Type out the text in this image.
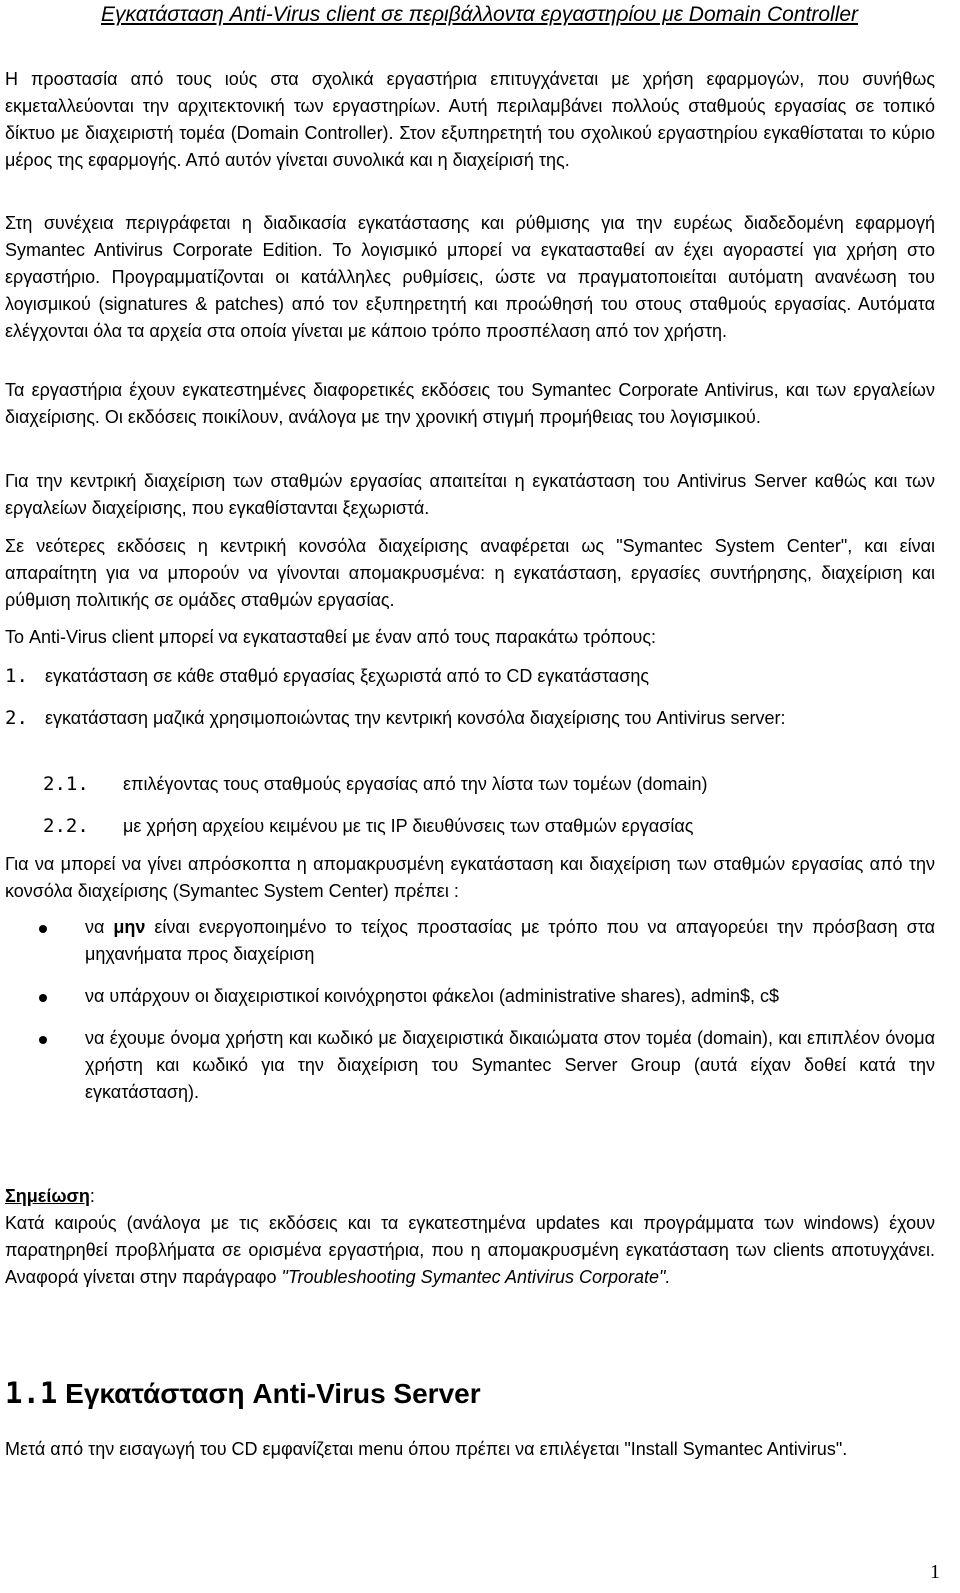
Εγκατάσταση Anti-Virus client σε περιβάλλοντα εργαστηρίου με Domain Controller

Η προστασία από τους ιούς στα σχολικά εργαστήρια επιτυγχάνεται με χρήση εφαρμογών, που συνήθως εκμεταλλεύονται την αρχιτεκτονική των εργαστηρίων. Αυτή περιλαμβάνει πολλούς σταθμούς εργασίας σε τοπικό δίκτυο με διαχειριστή τομέα (Domain Controller). Στον εξυπηρετητή του σχολικού εργαστηρίου εγκαθίσταται το κύριο μέρος της εφαρμογής. Από αυτόν γίνεται συνολικά και η διαχείρισή της.

Στη συνέχεια περιγράφεται η διαδικασία εγκατάστασης και ρύθμισης για την ευρέως διαδεδομένη εφαρμογή Symantec Antivirus Corporate Edition. Το λογισμικό μπορεί να εγκατασταθεί αν έχει αγοραστεί για χρήση στο εργαστήριο. Προγραμματίζονται οι κατάλληλες ρυθμίσεις, ώστε να πραγματοποιείται αυτόματη ανανέωση του λογισμικού (signatures & patches) από τον εξυπηρετητή και προώθησή του στους σταθμούς εργασίας. Αυτόματα ελέγχονται όλα τα αρχεία στα οποία γίνεται με κάποιο τρόπο προσπέλαση από τον χρήστη.

Τα εργαστήρια έχουν εγκατεστημένες διαφορετικές εκδόσεις του Symantec Corporate Antivirus, και των εργαλείων διαχείρισης. Οι εκδόσεις ποικίλουν, ανάλογα με την χρονική στιγμή προμήθειας του λογισμικού.

Για την κεντρική διαχείριση των σταθμών εργασίας απαιτείται η εγκατάσταση του Antivirus Server καθώς και των εργαλείων διαχείρισης, που εγκαθίστανται ξεχωριστά.

Σε νεότερες εκδόσεις η κεντρική κονσόλα διαχείρισης αναφέρεται ως "Symantec System Center", και είναι απαραίτητη για να μπορούν να γίνονται απομακρυσμένα: η εγκατάσταση, εργασίες συντήρησης, διαχείριση και ρύθμιση πολιτικής σε ομάδες σταθμών εργασίας.

Το Anti-Virus client μπορεί να εγκατασταθεί με έναν από τους παρακάτω τρόπους:

1. εγκατάσταση σε κάθε σταθμό εργασίας ξεχωριστά από το CD εγκατάστασης
2. εγκατάσταση μαζικά χρησιμοποιώντας την κεντρική κονσόλα διαχείρισης του Antivirus server:
2.1. επιλέγοντας τους σταθμούς εργασίας από την λίστα των τομέων (domain)
2.2. με χρήση αρχείου κειμένου με τις IP διευθύνσεις των σταθμών εργασίας

Για να μπορεί να γίνει απρόσκοπτα η απομακρυσμένη εγκατάσταση και διαχείριση των σταθμών εργασίας από την κονσόλα διαχείρισης (Symantec System Center) πρέπει :

να μην είναι ενεργοποιημένο το τείχος προστασίας με τρόπο που να απαγορεύει την πρόσβαση στα μηχανήματα προς διαχείριση
να υπάρχουν οι διαχειριστικοί κοινόχρηστοι φάκελοι (administrative shares), admin$, c$
να έχουμε όνομα χρήστη και κωδικό με διαχειριστικά δικαιώματα στον τομέα (domain), και επιπλέον όνομα χρήστη και κωδικό για την διαχείριση του Symantec Server Group (αυτά είχαν δοθεί κατά την εγκατάσταση).
Σημείωση:
Κατά καιρούς (ανάλογα με τις εκδόσεις και τα εγκατεστημένα updates και προγράμματα των windows) έχουν παρατηρηθεί προβλήματα σε ορισμένα εργαστήρια, που η απομακρυσμένη εγκατάσταση των clients αποτυγχάνει. Αναφορά γίνεται στην παράγραφο "Troubleshooting Symantec Antivirus Corporate".
1.1 Εγκατάσταση Anti-Virus Server

Μετά από την εισαγωγή του CD εμφανίζεται menu όπου πρέπει να επιλέγεται "Install Symantec Antivirus".

1
